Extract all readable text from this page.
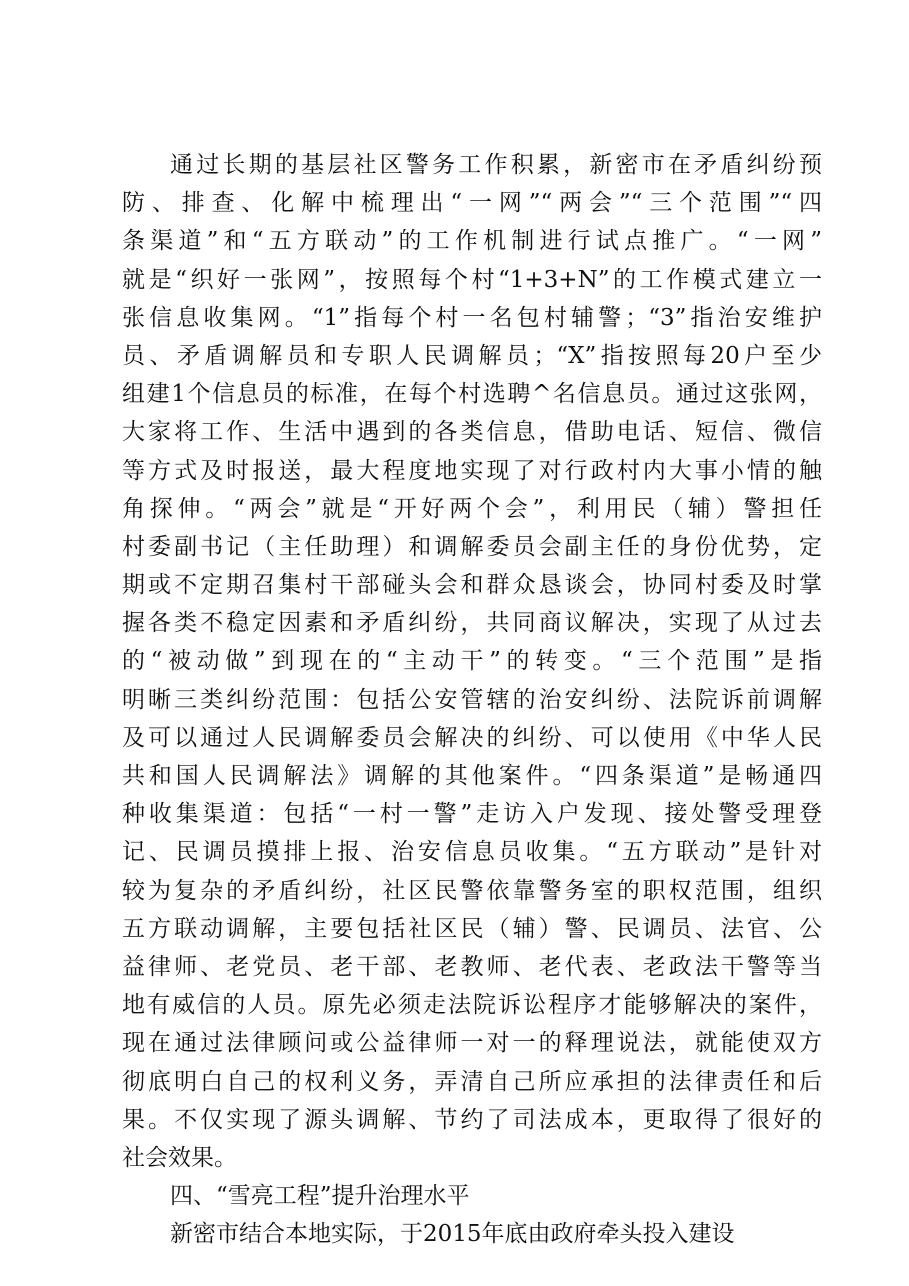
通过长期的基层社区警务工作积累，新密市在矛盾纠纷预
防、排查、化解中梳理出“一网”“两会”“三个范围”“四
条渠道”和“五方联动”的工作机制进行试点推广。“一网”
就是“织好一张网”，按照每个村“1+3+N”的工作模式建立一
张信息收集网。“1”指每个村一名包村辅警；“3”指治安维护
员、矛盾调解员和专职人民调解员；“X”指按照每20户至少
组建1个信息员的标准，在每个村选聘^名信息员。通过这张网，
大家将工作、生活中遇到的各类信息，借助电话、短信、微信
等方式及时报送，最大程度地实现了对行政村内大事小情的触
角探伸。“两会”就是“开好两个会”，利用民（辅）警担任
村委副书记（主任助理）和调解委员会副主任的身份优势，定
期或不定期召集村干部碰头会和群众恳谈会，协同村委及时掌
握各类不稳定因素和矛盾纠纷，共同商议解决，实现了从过去
的“被动做”到现在的“主动干”的转变。“三个范围”是指
明晰三类纠纷范围：包括公安管辖的治安纠纷、法院诉前调解
及可以通过人民调解委员会解决的纠纷、可以使用《中华人民
共和国人民调解法》调解的其他案件。“四条渠道”是畅通四
种收集渠道：包括“一村一警”走访入户发现、接处警受理登
记、民调员摸排上报、治安信息员收集。“五方联动”是针对
较为复杂的矛盾纠纷，社区民警依靠警务室的职权范围，组织
五方联动调解，主要包括社区民（辅）警、民调员、法官、公
益律师、老党员、老干部、老教师、老代表、老政法干警等当
地有威信的人员。原先必须走法院诉讼程序才能够解决的案件，
现在通过法律顾问或公益律师一对一的释理说法，就能使双方
彻底明白自己的权利义务，弄清自己所应承担的法律责任和后
果。不仅实现了源头调解、节约了司法成本，更取得了很好的
社会效果。
四、“雪亮工程”提升治理水平
新密市结合本地实际，于2015年底由政府牵头投入建设
